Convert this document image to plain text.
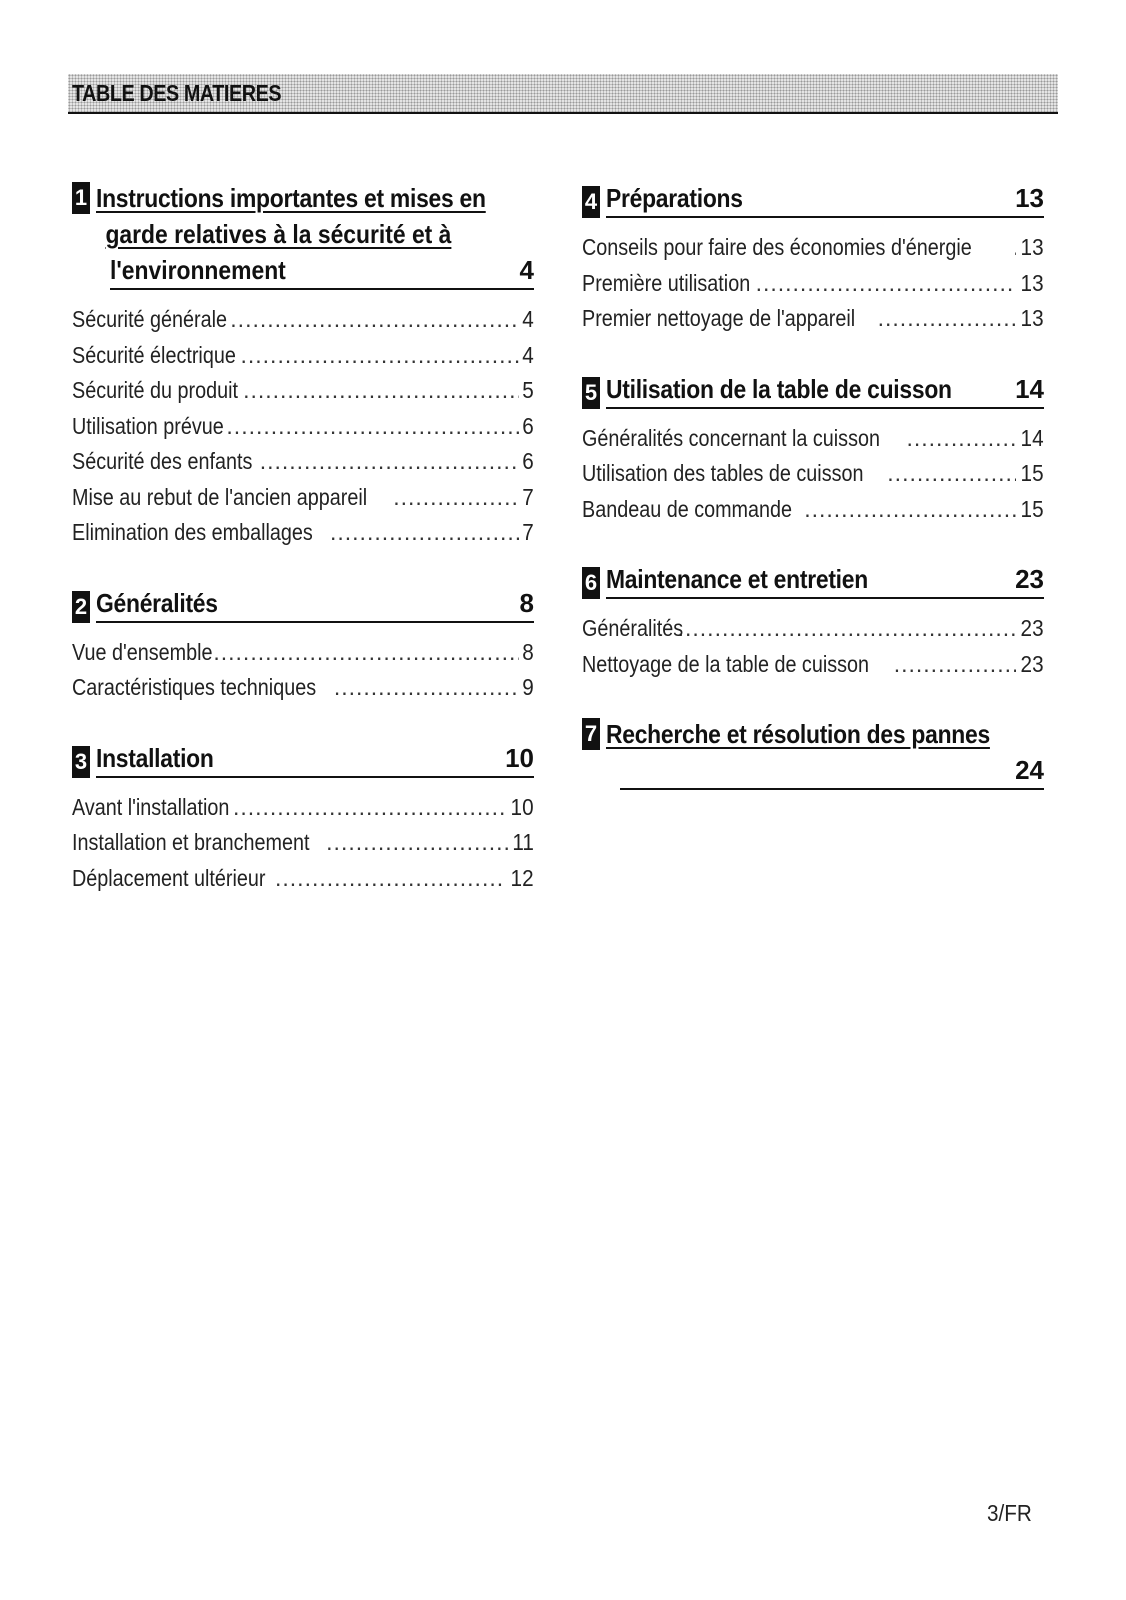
TABLE DES MATIERES
1 Instructions importantes et mises en
garde relatives à la sécurité et à
l'environnement	4
Sécurité générale .....	4
Sécurité électrique .....	4
Sécurité du produit .....	5
Utilisation prévue .....	6
Sécurité des enfants .....	6
Mise au rebut de l'ancien appareil .....	7
Elimination des emballages .....	7
2 Généralités	8
Vue d'ensemble .....	8
Caractéristiques techniques .....	9
3 Installation	10
Avant l'installation .....	10
Installation et branchement .....	11
Déplacement ultérieur .....	12
4 Préparations	13
Conseils pour faire des économies d'énergie ..... 13
Première utilisation .....	13
Premier nettoyage de l'appareil .....	13
5 Utilisation de la table de cuisson	14
Généralités concernant la cuisson .....	14
Utilisation des tables de cuisson .....	15
Bandeau de commande .....	15
6 Maintenance et entretien	23
Généralités .....	23
Nettoyage de la table de cuisson .....	23
7 Recherche et résolution des pannes
24
3/FR
